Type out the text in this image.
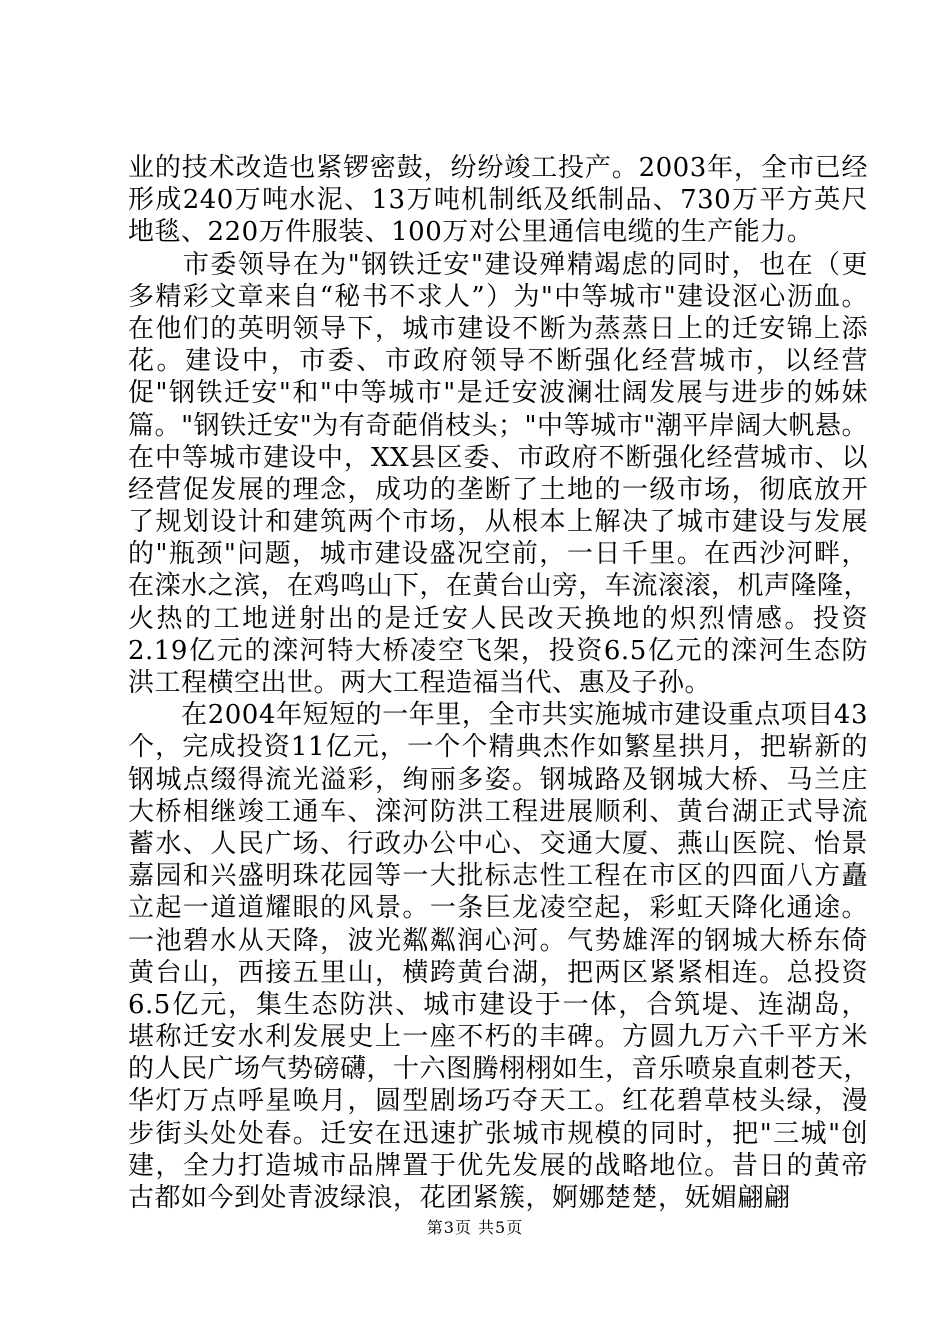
业的技术改造也紧锣密鼓，纷纷竣工投产。2003年，全市已经
形成240万吨水泥、13万吨机制纸及纸制品、730万平方英尺
地毯、220万件服装、100万对公里通信电缆的生产能力。
　　市委领导在为"钢铁迁安"建设殚精竭虑的同时，也在（更
多精彩文章来自“秘书不求人”）为"中等城市"建设沤心沥血。
在他们的英明领导下，城市建设不断为蒸蒸日上的迁安锦上添
花。建设中，市委、市政府领导不断强化经营城市，以经营
促"钢铁迁安"和"中等城市"是迁安波澜壮阔发展与进步的姊妹
篇。"钢铁迁安"为有奇葩俏枝头；"中等城市"潮平岸阔大帆悬。
在中等城市建设中，XX县区委、市政府不断强化经营城市、以
经营促发展的理念，成功的垄断了土地的一级市场，彻底放开
了规划设计和建筑两个市场，从根本上解决了城市建设与发展
的"瓶颈"问题，城市建设盛况空前，一日千里。在西沙河畔，
在滦水之滨，在鸡鸣山下，在黄台山旁，车流滚滚，机声隆隆，
火热的工地迸射出的是迁安人民改天换地的炽烈情感。投资
2.19亿元的滦河特大桥凌空飞架，投资6.5亿元的滦河生态防
洪工程横空出世。两大工程造福当代、惠及子孙。
　　在2004年短短的一年里，全市共实施城市建设重点项目43
个，完成投资11亿元，一个个精典杰作如繁星拱月，把崭新的
钢城点缀得流光溢彩，绚丽多姿。钢城路及钢城大桥、马兰庄
大桥相继竣工通车、滦河防洪工程进展顺利、黄台湖正式导流
蓄水、人民广场、行政办公中心、交通大厦、燕山医院、怡景
嘉园和兴盛明珠花园等一大批标志性工程在市区的四面八方矗
立起一道道耀眼的风景。一条巨龙凌空起，彩虹天降化通途。
一池碧水从天降，波光粼粼润心河。气势雄浑的钢城大桥东倚
黄台山，西接五里山，横跨黄台湖，把两区紧紧相连。总投资
6.5亿元，集生态防洪、城市建设于一体，合筑堤、连湖岛，
堪称迁安水利发展史上一座不朽的丰碑。方圆九万六千平方米
的人民广场气势磅礴，十六图腾栩栩如生，音乐喷泉直刺苍天，
华灯万点呼星唤月，圆型剧场巧夺天工。红花碧草枝头绿，漫
步街头处处春。迁安在迅速扩张城市规模的同时，把"三城"创
建，全力打造城市品牌置于优先发展的战略地位。昔日的黄帝
古都如今到处青波绿浪，花团紧簇，婀娜楚楚，妩媚翩翩
第3页 共5页
